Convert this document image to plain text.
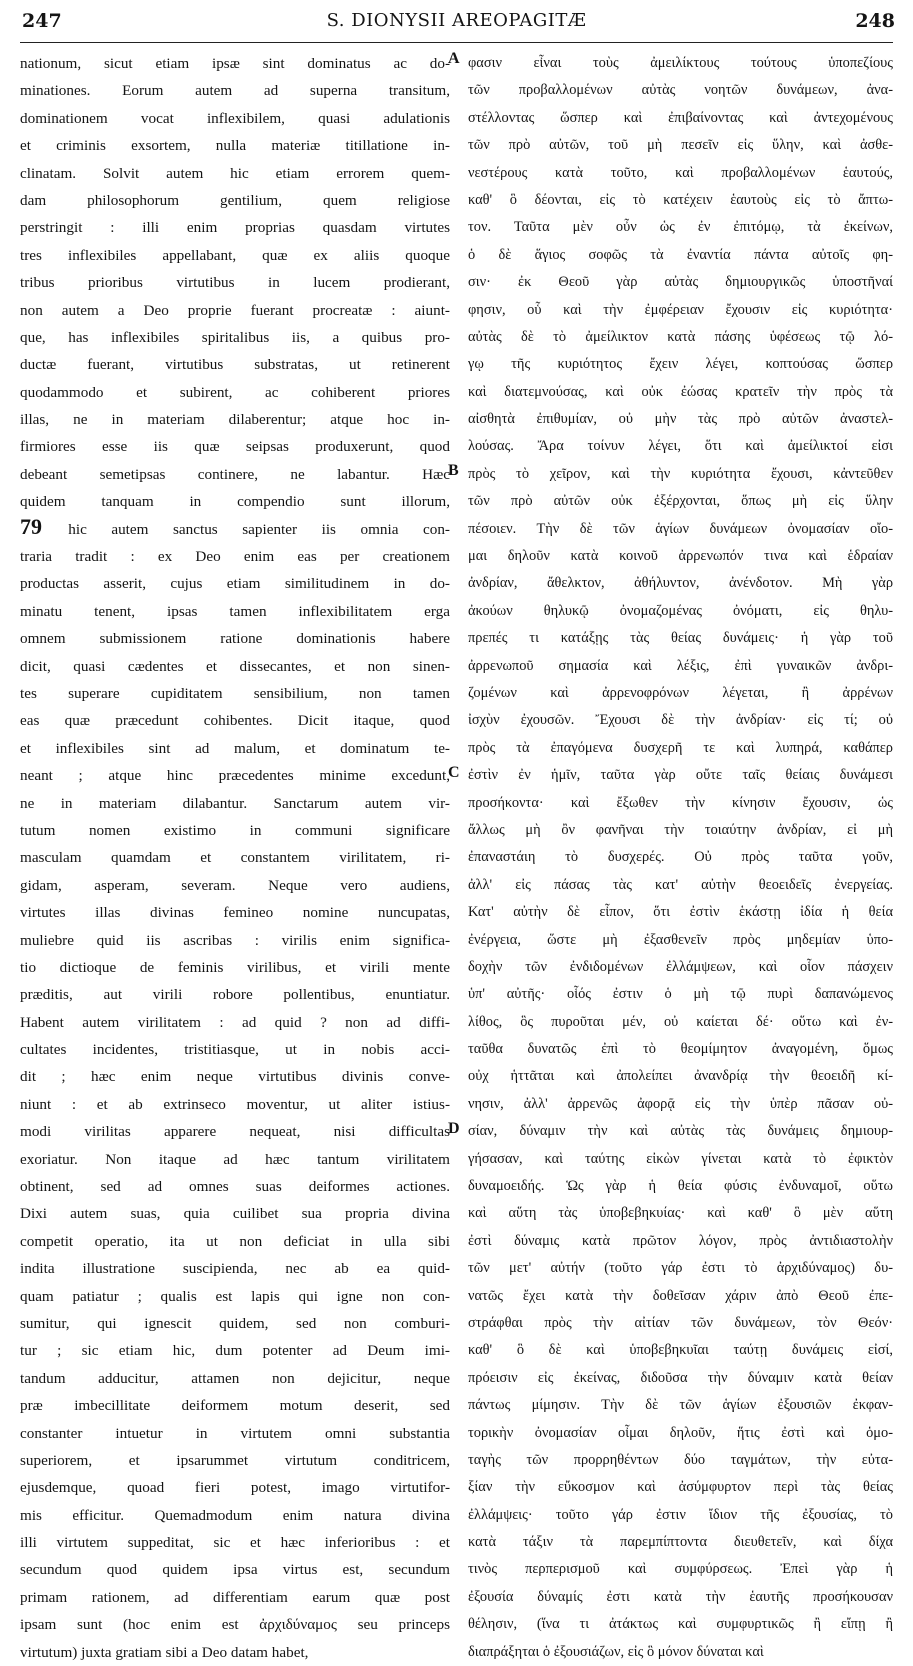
247	S. DIONYSII AREOPAGITÆ	248
nationum, sicut etiam ipsæ sint dominatus ac do-
minationes. Eorum autem ad superna transitum,
dominationem vocat inflexibilem, quasi adulationis
et criminis exsortem, nulla materiæ titillatione in-
clinatam. Solvit autem hic etiam errorem quem-
dam philosophorum gentilium, quem religiose
perstringit : illi enim proprias quasdam virtutes
tres inflexibiles appellabant, quæ ex aliis quoque
tribus prioribus virtutibus in lucem prodierant,
non autem a Deo proprie fuerant procreatæ : aiunt-
que, has inflexibiles spiritalibus iis, a quibus pro-
ductæ fuerant, virtutibus substratas, ut retinerent
quodammodo et subirent, ac cohiberent priores
illas, ne in materiam dilaberentur; atque hoc in-
firmiores esse iis quæ seipsas produxerunt, quod
debeant semetipsas continere, ne labantur. Hæc
quidem tanquam in compendio sunt illorum,
79 hic autem sanctus sapienter iis omnia con-
traria tradit : ex Deo enim eas per creationem
productas asserit, cujus etiam similitudinem in do-
minatu tenent, ipsas tamen inflexibilitatem erga
omnem submissionem ratione dominationis habere
dicit, quasi cædentes et dissecantes, et non sinen-
tes superare cupiditatem sensibilium, non tamen
eas quæ præcedunt cohibentes. Dicit itaque, quod
et inflexibiles sint ad malum, et dominatum te-
neant ; atque hinc præcedentes minime excedunt,
ne in materiam dilabantur. Sanctarum autem vir-
tutum nomen existimo in communi significare
masculam quamdam et constantem virilitatem, ri-
gidam, asperam, severam. Neque vero audiens,
virtutes illas divinas femineo nomine nuncupatas,
muliebre quid iis ascribas : virilis enim significa-
tio dictioque de feminis virilibus, et virili mente
præditis, aut virili robore pollentibus, enuntiatur.
Habent autem virilitatem : ad quid ? non ad diffi-
cultates incidentes, tristitiasque, ut in nobis acci-
dit ; hæc enim neque virtutibus divinis conve-
niunt : et ab extrinseco moventur, ut aliter istius-
modi virilitas apparere nequeat, nisi difficultas
exoriatur. Non itaque ad hæc tantum virilitatem
obtinent, sed ad omnes suas deiformes actiones.
Dixi autem suas, quia cuilibet sua propria divina
competit operatio, ita ut non deficiat in ulla sibi
indita illustratione suscipienda, nec ab ea quid-
quam patiatur ; qualis est lapis qui igne non con-
sumitur, qui ignescit quidem, sed non comburi-
tur ; sic etiam hic, dum potenter ad Deum imi-
tandum adducitur, attamen non dejicitur, neque
præ imbecillitate deiformem motum deserit, sed
constanter intuetur in virtutem omni substantia
superiorem, et ipsarummet virtutum conditricem,
ejusdemque, quoad fieri potest, imago virtutifor-
mis efficitur. Quemadmodum enim natura divina
illi virtutem suppeditat, sic et hæc inferioribus : et
secundum quod quidem ipsa virtus est, secundum
primam rationem, ad differentiam earum quæ post
ipsam sunt (hoc enim est ἀρχιδύναμος seu princeps
virtutum) juxta gratiam sibi a Deo datam habet,
φασιν εἶναι τοὺς ἀμειλίκτους τούτους ὑποπεζίους
τῶν προβαλλομένων αὐτὰς νοητῶν δυνάμεων, ἀνα-
στέλλοντας ὥσπερ καὶ ἐπιβαίνοντας καὶ ἀντεχομένους
τῶν πρὸ αὐτῶν, τοῦ μὴ πεσεῖν εἰς ὕλην, καὶ ἀσθε-
νεστέρους κατὰ τοῦτο, καὶ προβαλλομένων ἑαυτούς,
καθ' ὃ δέονται, εἰς τὸ κατέχειν ἑαυτοὺς εἰς τὸ ἄπτω-
τον. Ταῦτα μὲν οὖν ὡς ἐν ἐπιτόμῳ, τὰ ἐκείνων,
ὁ δὲ ἅγιος σοφῶς τὰ ἐναντία πάντα αὐτοῖς φη-
σιν· ἐκ Θεοῦ γὰρ αὐτὰς δημιουργικῶς ὑποστῆναί
φησιν, οὗ καὶ τὴν ἐμφέρειαν ἔχουσιν εἰς κυριότητα·
αὐτὰς δὲ τὸ ἀμείλικτον κατὰ πάσης ὑφέσεως τῷ λό-
γῳ τῆς κυριότητος ἔχειν λέγει, κοπτούσας ὥσπερ
καὶ διατεμνούσας, καὶ οὐκ ἐώσας κρατεῖν τὴν πρὸς τὰ
αἰσθητὰ ἐπιθυμίαν, οὐ μὴν τὰς πρὸ αὐτῶν ἀναστελ-
λούσας. Ἄρα τοίνυν λέγει, ὅτι καὶ ἀμείλικτοί εἰσι
πρὸς τὸ χεῖρον, καὶ τὴν κυριότητα ἔχουσι, κἀντεῦθεν
τῶν πρὸ αὐτῶν οὐκ ἐξέρχονται, ὅπως μὴ εἰς ὕλην
πέσοιεν. Τὴν δὲ τῶν ἁγίων δυνάμεων ὀνομασίαν οἴο-
μαι δηλοῦν κατὰ κοινοῦ ἀρρενωπόν τινα καὶ ἑδραίαν
ἀνδρίαν, ἄθελκτον, ἀθήλυντον, ἀνένδοτον. Μὴ γὰρ
ἀκούων θηλυκῷ ὀνομαζομένας ὀνόματι, εἰς θηλυ-
πρεπές τι κατάξῃς τὰς θείας δυνάμεις· ἡ γὰρ τοῦ
ἀρρενωποῦ σημασία καὶ λέξις, ἐπὶ γυναικῶν ἀνδρι-
ζομένων καὶ ἀρρενοφρόνων λέγεται, ἢ ἀρρένων
ἰσχὺν ἐχουσῶν. Ἔχουσι δὲ τὴν ἀνδρίαν· εἰς τί; οὐ
πρὸς τὰ ἐπαγόμενα δυσχερῆ τε καὶ λυπηρά, καθάπερ
ἐστὶν ἐν ἡμῖν, ταῦτα γὰρ οὔτε ταῖς θείαις δυνάμεσι
προσήκοντα· καὶ ἔξωθεν τὴν κίνησιν ἔχουσιν, ὡς
ἄλλως μὴ ὂν φανῆναι τὴν τοιαύτην ἀνδρίαν, εἰ μὴ
ἐπαναστάιη τὸ δυσχερές. Οὐ πρὸς ταῦτα γοῦν,
ἀλλ' εἰς πάσας τὰς κατ' αὐτὴν θεοειδεῖς ἐνεργείας.
Κατ' αὐτὴν δὲ εἶπον, ὅτι ἐστὶν ἑκάστῃ ἰδία ἡ θεία
ἐνέργεια, ὥστε μὴ ἐξασθενεῖν πρὸς μηδεμίαν ὑπο-
δοχὴν τῶν ἐνδιδομένων ἐλλάμψεων, καὶ οἷον πάσχειν
ὑπ' αὐτῆς· οἷός ἐστιν ὁ μὴ τῷ πυρὶ δαπανώμενος
λίθος, ὃς πυροῦται μέν, οὐ καίεται δέ· οὕτω καὶ ἐν-
ταῦθα δυνατῶς ἐπὶ τὸ θεομίμητον ἀναγομένη, ὅμως
οὐχ ἡττᾶται καὶ ἀπολείπει ἀνανδρίᾳ τὴν θεοειδῆ κί-
νησιν, ἀλλ' ἀρρενῶς ἀφορᾷ εἰς τὴν ὑπὲρ πᾶσαν οὐ-
σίαν, δύναμιν τὴν καὶ αὐτὰς τὰς δυνάμεις δημιουρ-
γήσασαν, καὶ ταύτης εἰκὼν γίνεται κατὰ τὸ ἐφικτὸν
δυναμοειδής. Ὡς γὰρ ἡ θεία φύσις ἐνδυναμοῖ, οὕτω
καὶ αὕτη τὰς ὑποβεβηκυίας· καὶ καθ' ὃ μὲν αὕτη
ἐστὶ δύναμις κατὰ πρῶτον λόγον, πρὸς ἀντιδιαστολὴν
τῶν μετ' αὐτήν (τοῦτο γάρ ἐστι τὸ ἀρχιδύναμος) δυ-
νατῶς ἔχει κατὰ τὴν δοθεῖσαν χάριν ἀπὸ Θεοῦ ἐπε-
στράφθαι πρὸς τὴν αἰτίαν τῶν δυνάμεων, τὸν Θεόν·
καθ' ὃ δὲ καὶ ὑποβεβηκυῖαι ταύτῃ δυνάμεις εἰσί,
πρόεισιν εἰς ἐκείνας, διδοῦσα τὴν δύναμιν κατὰ θείαν
πάντως μίμησιν. Τὴν δὲ τῶν ἁγίων ἐξουσιῶν ἐκφαν-
τορικὴν ὀνομασίαν οἶμαι δηλοῦν, ἥτις ἐστὶ καὶ ὁμο-
ταγὴς τῶν προρρηθέντων δύο ταγμάτων, τὴν εὐτα-
ξίαν τὴν εὔκοσμον καὶ ἀσύμφυρτον περὶ τὰς θείας
ἐλλάμψεις· τοῦτο γάρ ἐστιν ἴδιον τῆς ἐξουσίας, τὸ
κατὰ τάξιν τὰ παρεμπίπτοντα διευθετεῖν, καὶ δίχα
τινὸς περπερισμοῦ καὶ συμφύρσεως. Ἐπεὶ γὰρ ἡ
ἐξουσία δύναμίς ἐστι κατὰ τὴν ἑαυτῆς προσήκουσαν
θέλησιν, (ἵνα τι ἀτάκτως καὶ συμφυρτικῶς ἢ εἴπῃ ἢ
διαπράξηται ὁ ἐξουσιάζων, εἰς ὃ μόνον δύναται καὶ
A
B
C
D
